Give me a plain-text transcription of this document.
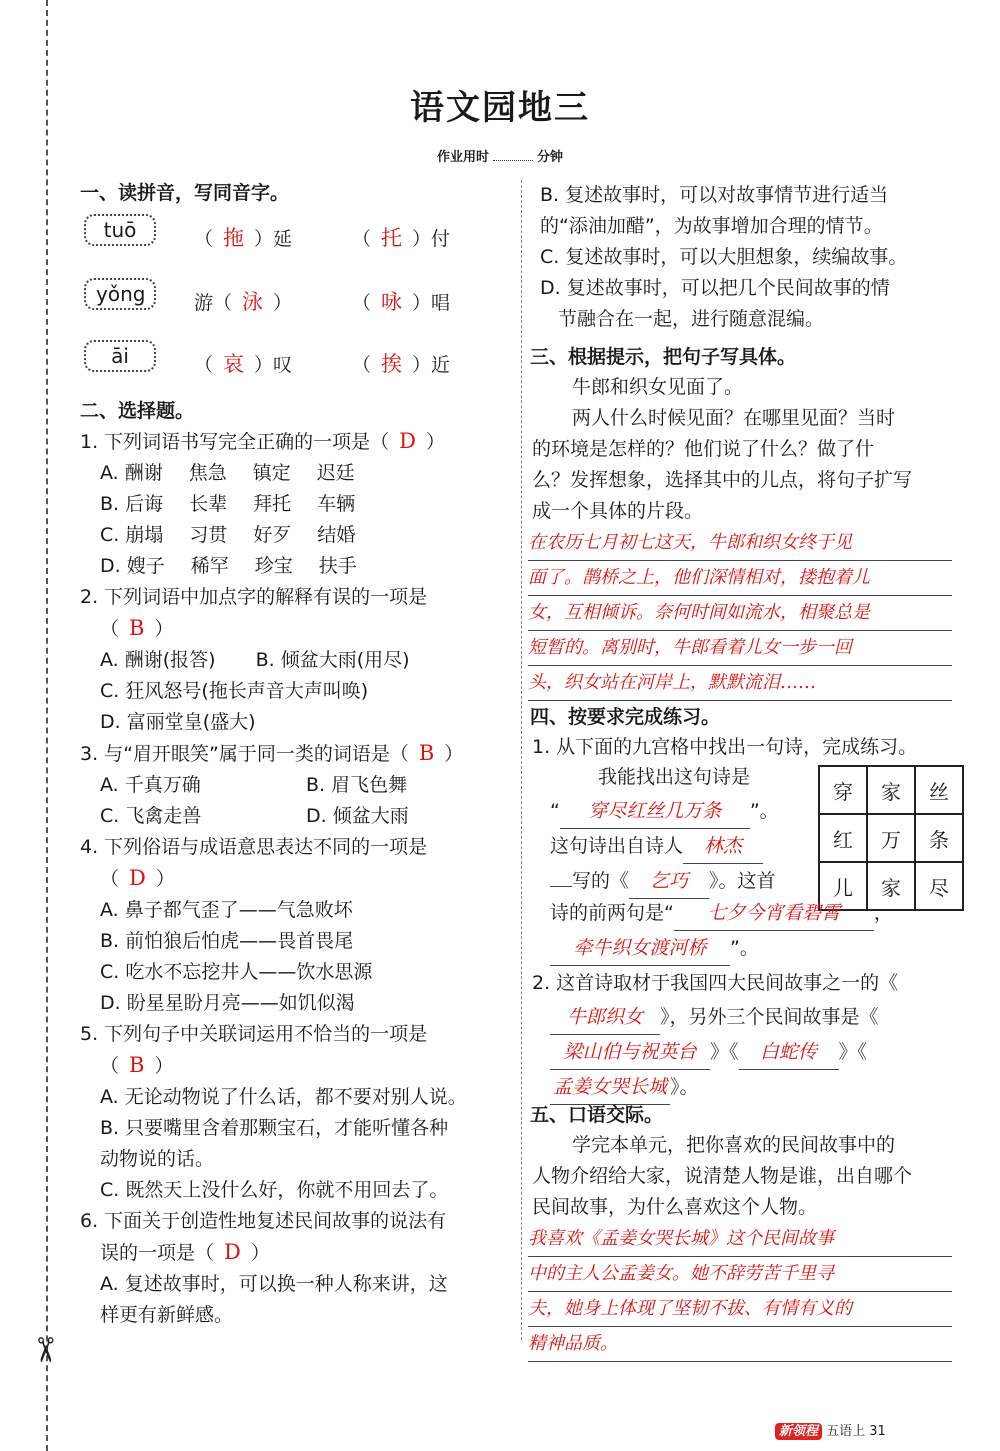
✂
语文园地三
作业用时	分钟
一、读拼音，写同音字。
tuō	（ 拖 ）延	（ 托 ）付
yǒng	游（ 泳 ）	（ 咏 ）唱
āi	（ 哀 ）叹	（ 挨 ）近
二、选择题。
1. 下列词语书写完全正确的一项是（ D ）
A. 酬谢 焦急 镇定 迟廷
B. 后诲 长辈 拜托 车辆
C. 崩塌 习贯 好歹 结婚
D. 嫂子 稀罕 珍宝 扶手
2. 下列词语中加点字的解释有误的一项是
（ B ）
A. 酬谢(报答) B. 倾盆大雨(用尽)
C. 狂风怒号(拖长声音大声叫唤)
D. 富丽堂皇(盛大)
3. 与“眉开眼笑”属于同一类的词语是（ B ）
A. 千真万确	B. 眉飞色舞
C. 飞禽走兽	D. 倾盆大雨
4. 下列俗语与成语意思表达不同的一项是
（ D ）
A. 鼻子都气歪了——气急败坏
B. 前怕狼后怕虎——畏首畏尾
C. 吃水不忘挖井人——饮水思源
D. 盼星星盼月亮——如饥似渴
5. 下列句子中关联词运用不恰当的一项是
（ B ）
A. 无论动物说了什么话，都不要对别人说。
B. 只要嘴里含着那颗宝石，才能听懂各种
动物说的话。
C. 既然天上没什么好，你就不用回去了。
6. 下面关于创造性地复述民间故事的说法有
误的一项是（ D ）
A. 复述故事时，可以换一种人称来讲，这
样更有新鲜感。
B. 复述故事时，可以对故事情节进行适当
的“添油加醋”，为故事增加合理的情节。
C. 复述故事时，可以大胆想象，续编故事。
D. 复述故事时，可以把几个民间故事的情
节融合在一起，进行随意混编。
三、根据提示，把句子写具体。
牛郎和织女见面了。
两人什么时候见面？在哪里见面？当时
的环境是怎样的？他们说了什么？做了什
么？发挥想象，选择其中的儿点，将句子扩写
成一个具体的片段。
在农历七月初七这天，牛郎和织女终于见
面了。鹊桥之上，他们深情相对，搂抱着儿
女，互相倾诉。奈何时间如流水，相聚总是
短暂的。离别时，牛郎看着儿女一步一回
头，织女站在河岸上，默默流泪……
四、按要求完成练习。
1. 从下面的九宫格中找出一句诗，完成练习。
穿	家	丝
红	万	条
儿	家	尽
我能找出这句诗是
“ 穿尽红丝几万条 ”。
这句诗出自诗人 林杰
写的《 乞巧 》。这首
诗的前两句是“ 七夕今宵看碧霄 ，
牵牛织女渡河桥 ”。
2. 这首诗取材于我国四大民间故事之一的《
牛郎织女 》，另外三个民间故事是《
梁山伯与祝英台 》《 白蛇传 》《
孟姜女哭长城 》。
五、口语交际。
学完本单元，把你喜欢的民间故事中的
人物介绍给大家，说清楚人物是谁，出自哪个
民间故事，为什么喜欢这个人物。
我喜欢《孟姜女哭长城》这个民间故事
中的主人公孟姜女。她不辞劳苦千里寻
夫，她身上体现了坚韧不拔、有情有义的
精神品质。
新领程 五语上 31
